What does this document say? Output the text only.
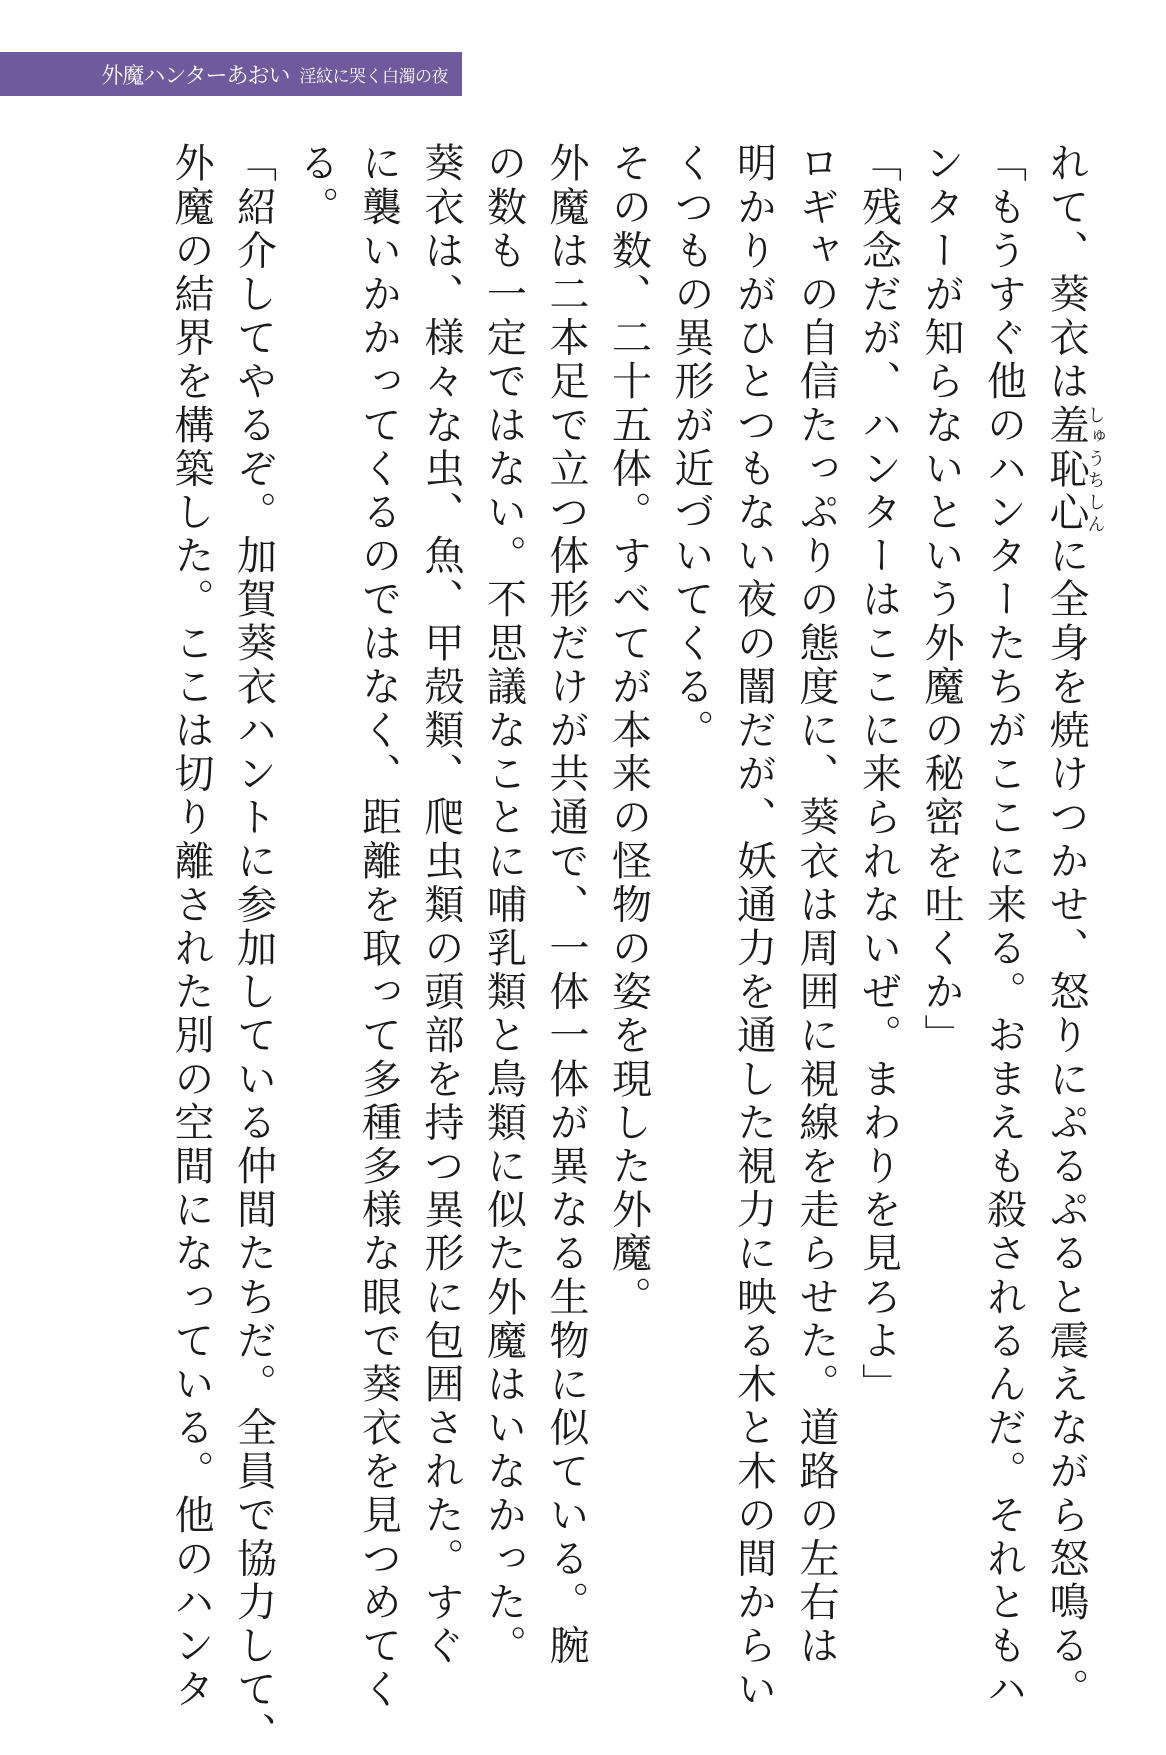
外魔ハンターあおい 淫紋に哭く白濁の夜
れて、葵衣は羞恥心しゅうちしんに全身を焼けつかせ、怒りにぷるぷると震えながら怒鳴る。
「もうすぐ他のハンターたちがここに来る。おまえも殺されるんだ。それともハ
ンターが知らないという外魔の秘密を吐くか」
「残念だが、ハンターはここに来られないぜ。まわりを見ろよ」
ロギャの自信たっぷりの態度に、葵衣は周囲に視線を走らせた。道路の左右は
明かりがひとつもない夜の闇だが、妖通力を通した視力に映る木と木の間からい
くつもの異形が近づいてくる。
その数、二十五体。すべてが本来の怪物の姿を現した外魔。
外魔は二本足で立つ体形だけが共通で、一体一体が異なる生物に似ている。腕
の数も一定ではない。不思議なことに哺乳類と鳥類に似た外魔はいなかった。
葵衣は、様々な虫、魚、甲殻類、爬虫類の頭部を持つ異形に包囲された。すぐ
に襲いかかってくるのではなく、距離を取って多種多様な眼で葵衣を見つめてく
る。
「紹介してやるぞ。加賀葵衣ハントに参加している仲間たちだ。全員で協力して、
外魔の結界を構築した。ここは切り離された別の空間になっている。他のハンタ
